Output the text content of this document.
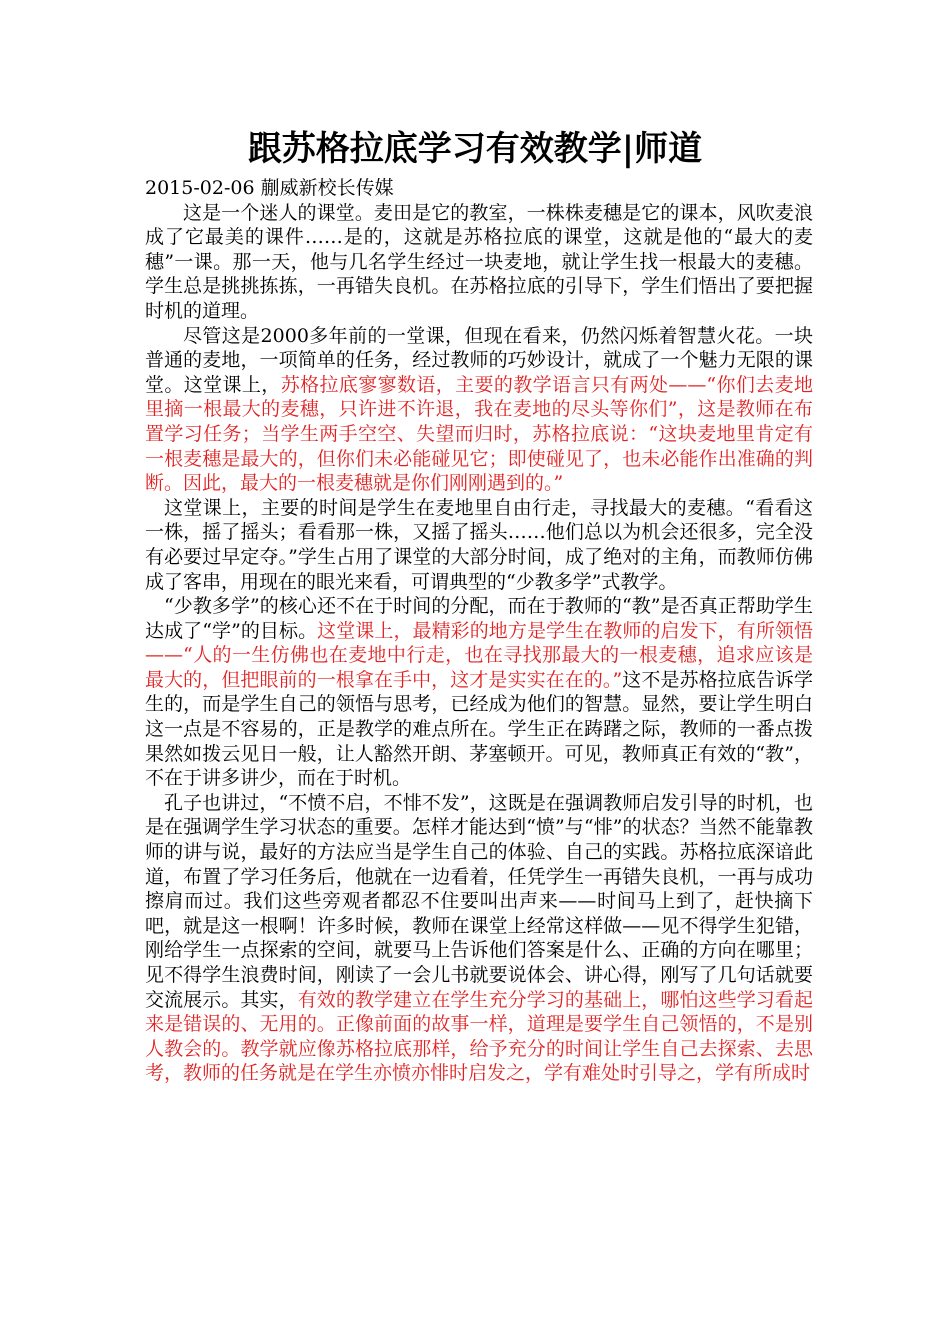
跟苏格拉底学习有效教学|师道

2015-02-06 蒯威新校长传媒

这是一个迷人的课堂。麦田是它的教室，一株株麦穗是它的课本，风吹麦浪成了它最美的课件……是的，这就是苏格拉底的课堂，这就是他的“最大的麦穗”一课。那一天，他与几名学生经过一块麦地，就让学生找一根最大的麦穗。学生总是挑挑拣拣，一再错失良机。在苏格拉底的引导下，学生们悟出了要把握时机的道理。

尽管这是2000多年前的一堂课，但现在看来，仍然闪烁着智慧火花。一块普通的麦地，一项简单的任务，经过教师的巧妙设计，就成了一个魅力无限的课堂。这堂课上，苏格拉底寥寥数语，主要的教学语言只有两处——“你们去麦地里摘一根最大的麦穗，只许进不许退，我在麦地的尽头等你们”，这是教师在布置学习任务；当学生两手空空、失望而归时，苏格拉底说：“这块麦地里肯定有一根麦穗是最大的，但你们未必能碰见它；即使碰见了，也未必能作出准确的判断。因此，最大的一根麦穗就是你们刚刚遇到的。”

这堂课上，主要的时间是学生在麦地里自由行走，寻找最大的麦穗。“看看这一株，摇了摇头；看看那一株，又摇了摇头……他们总以为机会还很多，完全没有必要过早定夺。”学生占用了课堂的大部分时间，成了绝对的主角，而教师仿佛成了客串，用现在的眼光来看，可谓典型的“少教多学”式教学。

“少教多学”的核心还不在于时间的分配，而在于教师的“教”是否真正帮助学生达成了“学”的目标。这堂课上，最精彩的地方是学生在教师的启发下，有所领悟——“人的一生仿佛也在麦地中行走，也在寻找那最大的一根麦穗，追求应该是最大的，但把眼前的一根拿在手中，这才是实实在在的。”这不是苏格拉底告诉学生的，而是学生自己的领悟与思考，已经成为他们的智慧。显然，要让学生明白这一点是不容易的，正是教学的难点所在。学生正在踌躇之际，教师的一番点拨果然如拨云见日一般，让人豁然开朗、茅塞顿开。可见，教师真正有效的“教”，不在于讲多讲少，而在于时机。

孔子也讲过，“不愤不启，不悱不发”，这既是在强调教师启发引导的时机，也是在强调学生学习状态的重要。怎样才能达到“愤”与“悱”的状态？当然不能靠教师的讲与说，最好的方法应当是学生自己的体验、自己的实践。苏格拉底深谙此道，布置了学习任务后，他就在一边看着，任凭学生一再错失良机，一再与成功擦肩而过。我们这些旁观者都忍不住要叫出声来——时间马上到了，赶快摘下吧，就是这一根啊！许多时候，教师在课堂上经常这样做——见不得学生犯错，刚给学生一点探索的空间，就要马上告诉他们答案是什么、正确的方向在哪里；见不得学生浪费时间，刚读了一会儿书就要说体会、讲心得，刚写了几句话就要交流展示。其实，有效的教学建立在学生充分学习的基础上，哪怕这些学习看起来是错误的、无用的。正像前面的故事一样，道理是要学生自己领悟的，不是别人教会的。教学就应像苏格拉底那样，给予充分的时间让学生自己去探索、去思考，教师的任务就是在学生亦愤亦悱时启发之，学有难处时引导之，学有所成时
